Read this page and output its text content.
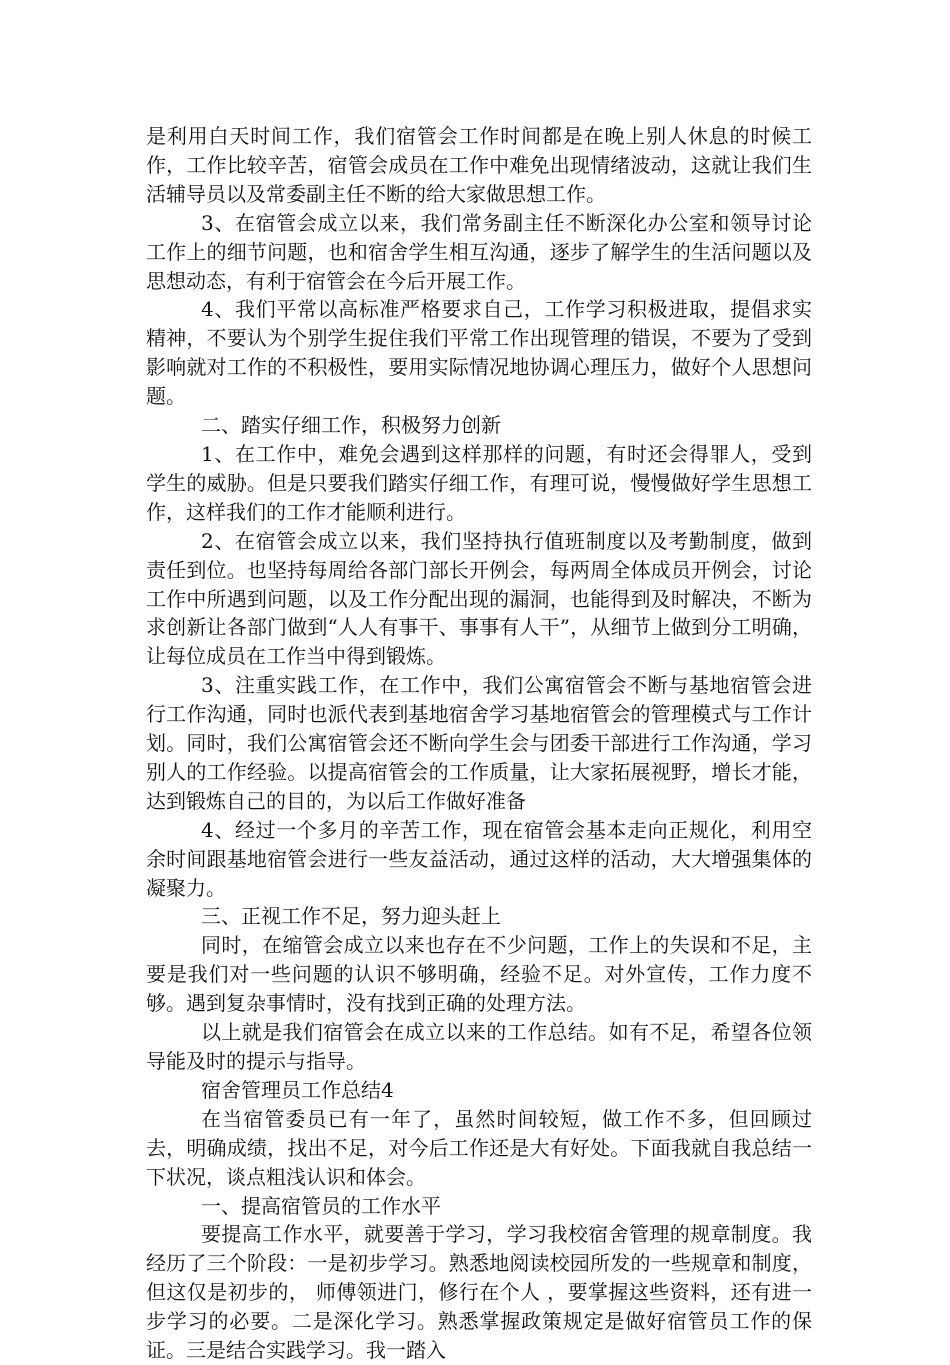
是利用白天时间工作，我们宿管会工作时间都是在晚上别人休息的时候工作，工作比较辛苦，宿管会成员在工作中难免出现情绪波动，这就让我们生活辅导员以及常委副主任不断的给大家做思想工作。

3、在宿管会成立以来，我们常务副主任不断深化办公室和领导讨论工作上的细节问题，也和宿舍学生相互沟通，逐步了解学生的生活问题以及思想动态，有利于宿管会在今后开展工作。

4、我们平常以高标准严格要求自己，工作学习积极进取，提倡求实精神，不要认为个别学生捉住我们平常工作出现管理的错误，不要为了受到影响就对工作的不积极性，要用实际情况地协调心理压力，做好个人思想问题。

二、踏实仔细工作，积极努力创新

1、在工作中，难免会遇到这样那样的问题，有时还会得罪人，受到学生的威胁。但是只要我们踏实仔细工作，有理可说，慢慢做好学生思想工作，这样我们的工作才能顺利进行。

2、在宿管会成立以来，我们坚持执行值班制度以及考勤制度，做到责任到位。也坚持每周给各部门部长开例会，每两周全体成员开例会，讨论工作中所遇到问题，以及工作分配出现的漏洞，也能得到及时解决，不断为求创新让各部门做到“人人有事干、事事有人干”，从细节上做到分工明确，让每位成员在工作当中得到锻炼。

3、注重实践工作，在工作中，我们公寓宿管会不断与基地宿管会进行工作沟通，同时也派代表到基地宿舍学习基地宿管会的管理模式与工作计划。同时，我们公寓宿管会还不断向学生会与团委干部进行工作沟通，学习别人的工作经验。以提高宿管会的工作质量，让大家拓展视野，增长才能，达到锻炼自己的目的，为以后工作做好准备

4、经过一个多月的辛苦工作，现在宿管会基本走向正规化，利用空余时间跟基地宿管会进行一些友益活动，通过这样的活动，大大增强集体的凝聚力。

三、正视工作不足，努力迎头赶上

同时，在缩管会成立以来也存在不少问题，工作上的失误和不足，主要是我们对一些问题的认识不够明确，经验不足。对外宣传，工作力度不够。遇到复杂事情时，没有找到正确的处理方法。

以上就是我们宿管会在成立以来的工作总结。如有不足，希望各位领导能及时的提示与指导。

宿舍管理员工作总结4

在当宿管委员已有一年了，虽然时间较短，做工作不多，但回顾过去，明确成绩，找出不足，对今后工作还是大有好处。下面我就自我总结一下状况，谈点粗浅认识和体会。

一、提高宿管员的工作水平

要提高工作水平，就要善于学习，学习我校宿舍管理的规章制度。我经历了三个阶段：一是初步学习。熟悉地阅读校园所发的一些规章和制度，但这仅是初步的， 师傅领进门，修行在个人 ，要掌握这些资料，还有进一步学习的必要。二是深化学习。熟悉掌握政策规定是做好宿管员工作的保证。三是结合实践学习。我一踏入
